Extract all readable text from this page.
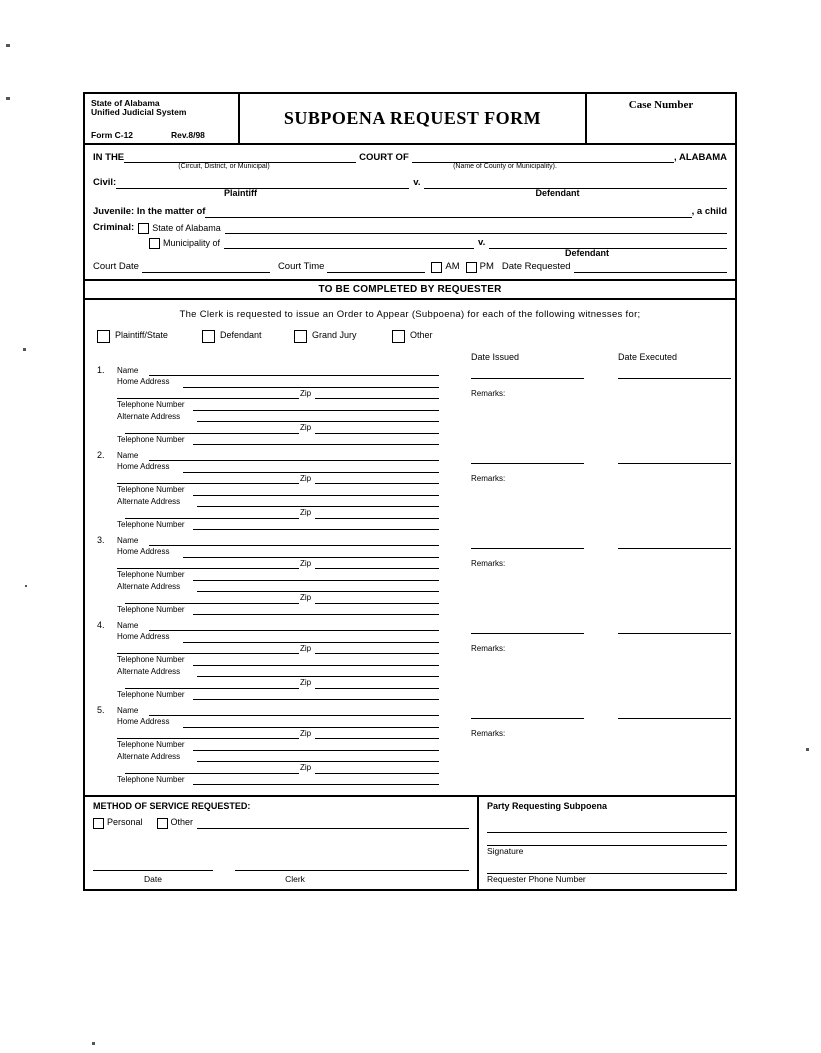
State of Alabama
Unified Judicial System
Form C-12	Rev.8/98
SUBPOENA REQUEST FORM
Case Number
IN THE	COURT OF	, ALABAMA
(Circuit, District, or Municipal)	(Name of County or Municipality).
Civil:	v.
Plaintiff	Defendant
Juvenile: In the matter of	, a child
Criminal: State of Alabama
Municipality of	v.
Defendant
Court Date	Court Time	AM PM Date Requested
TO BE COMPLETED BY REQUESTER
The Clerk is requested to issue an Order to Appear (Subpoena) for each of the following witnesses for;
Plaintiff/State	Defendant	Grand Jury	Other
Date Issued	Date Executed
1. Name
Home Address
Zip
Telephone Number
Alternate Address
Zip
Telephone Number
Remarks:
2. Name
Home Address
Zip
Telephone Number
Alternate Address
Zip
Telephone Number
Remarks:
3. Name
Home Address
Zip
Telephone Number
Alternate Address
Zip
Telephone Number
Remarks:
4. Name
Home Address
Zip
Telephone Number
Alternate Address
Zip
Telephone Number
Remarks:
5. Name
Home Address
Zip
Telephone Number
Alternate Address
Zip
Telephone Number
Remarks:
METHOD OF SERVICE REQUESTED:
Personal	Other
Date	Clerk
Party Requesting Subpoena
Signature
Requester Phone Number
